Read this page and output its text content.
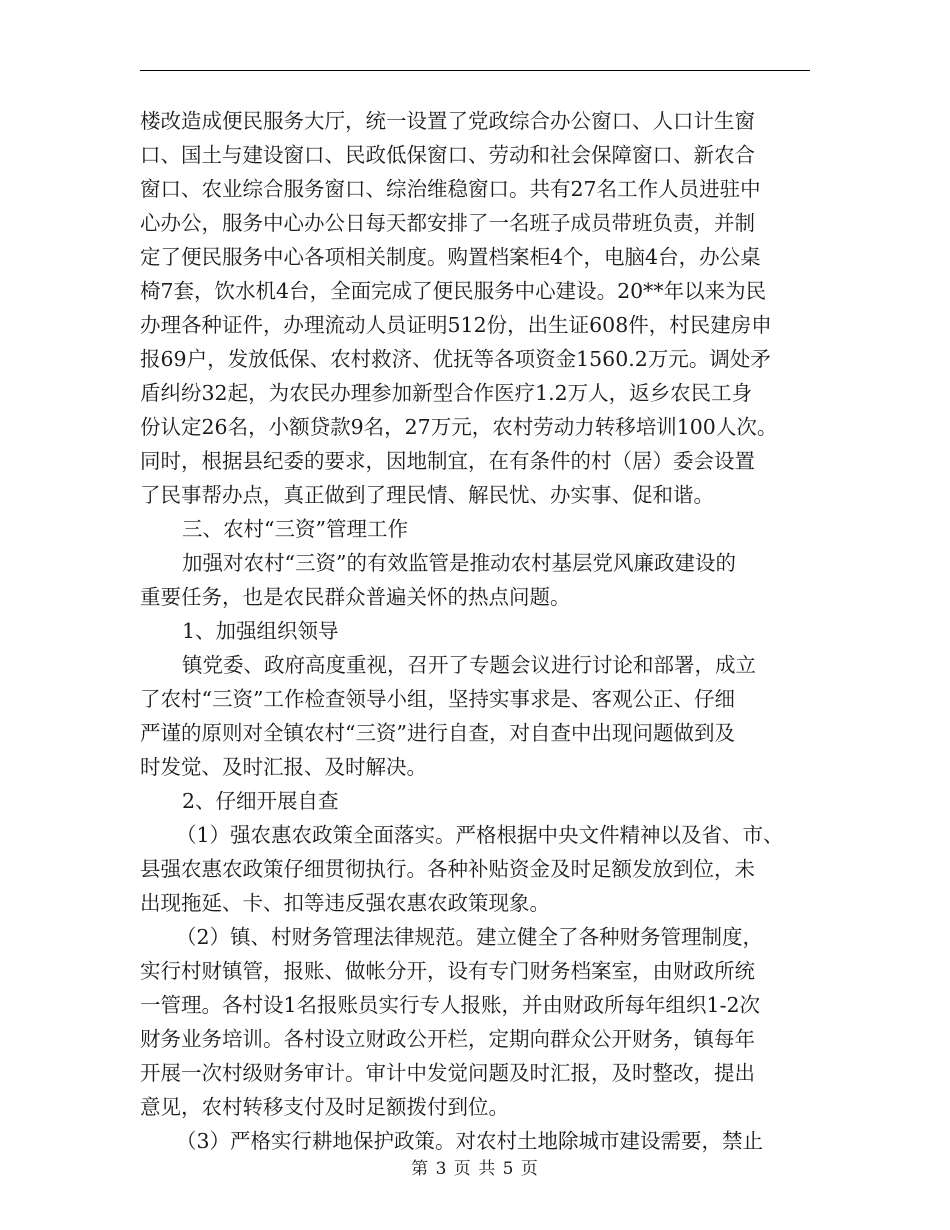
楼改造成便民服务大厅，统一设置了党政综合办公窗口、人口计生窗
口、国土与建设窗口、民政低保窗口、劳动和社会保障窗口、新农合
窗口、农业综合服务窗口、综治维稳窗口。共有27名工作人员进驻中
心办公，服务中心办公日每天都安排了一名班子成员带班负责，并制
定了便民服务中心各项相关制度。购置档案柜4个，电脑4台，办公桌
椅7套，饮水机4台，全面完成了便民服务中心建设。20**年以来为民
办理各种证件，办理流动人员证明512份，出生证608件，村民建房申
报69户，发放低保、农村救济、优抚等各项资金1560.2万元。调处矛
盾纠纷32起，为农民办理参加新型合作医疗1.2万人，返乡农民工身
份认定26名，小额贷款9名，27万元，农村劳动力转移培训100人次。
同时，根据县纪委的要求，因地制宜，在有条件的村（居）委会设置
了民事帮办点，真正做到了理民情、解民忧、办实事、促和谐。
三、农村“三资”管理工作
加强对农村“三资”的有效监管是推动农村基层党风廉政建设的
重要任务，也是农民群众普遍关怀的热点问题。
1、加强组织领导
镇党委、政府高度重视，召开了专题会议进行讨论和部署，成立
了农村“三资”工作检查领导小组，坚持实事求是、客观公正、仔细
严谨的原则对全镇农村“三资”进行自查，对自查中出现问题做到及
时发觉、及时汇报、及时解决。
2、仔细开展自查
（1）强农惠农政策全面落实。严格根据中央文件精神以及省、市、
县强农惠农政策仔细贯彻执行。各种补贴资金及时足额发放到位，未
出现拖延、卡、扣等违反强农惠农政策现象。
（2）镇、村财务管理法律规范。建立健全了各种财务管理制度，
实行村财镇管，报账、做帐分开，设有专门财务档案室，由财政所统
一管理。各村设1名报账员实行专人报账，并由财政所每年组织1-2次
财务业务培训。各村设立财政公开栏，定期向群众公开财务，镇每年
开展一次村级财务审计。审计中发觉问题及时汇报，及时整改，提出
意见，农村转移支付及时足额拨付到位。
（3）严格实行耕地保护政策。对农村土地除城市建设需要，禁止
第 3 页 共 5 页
